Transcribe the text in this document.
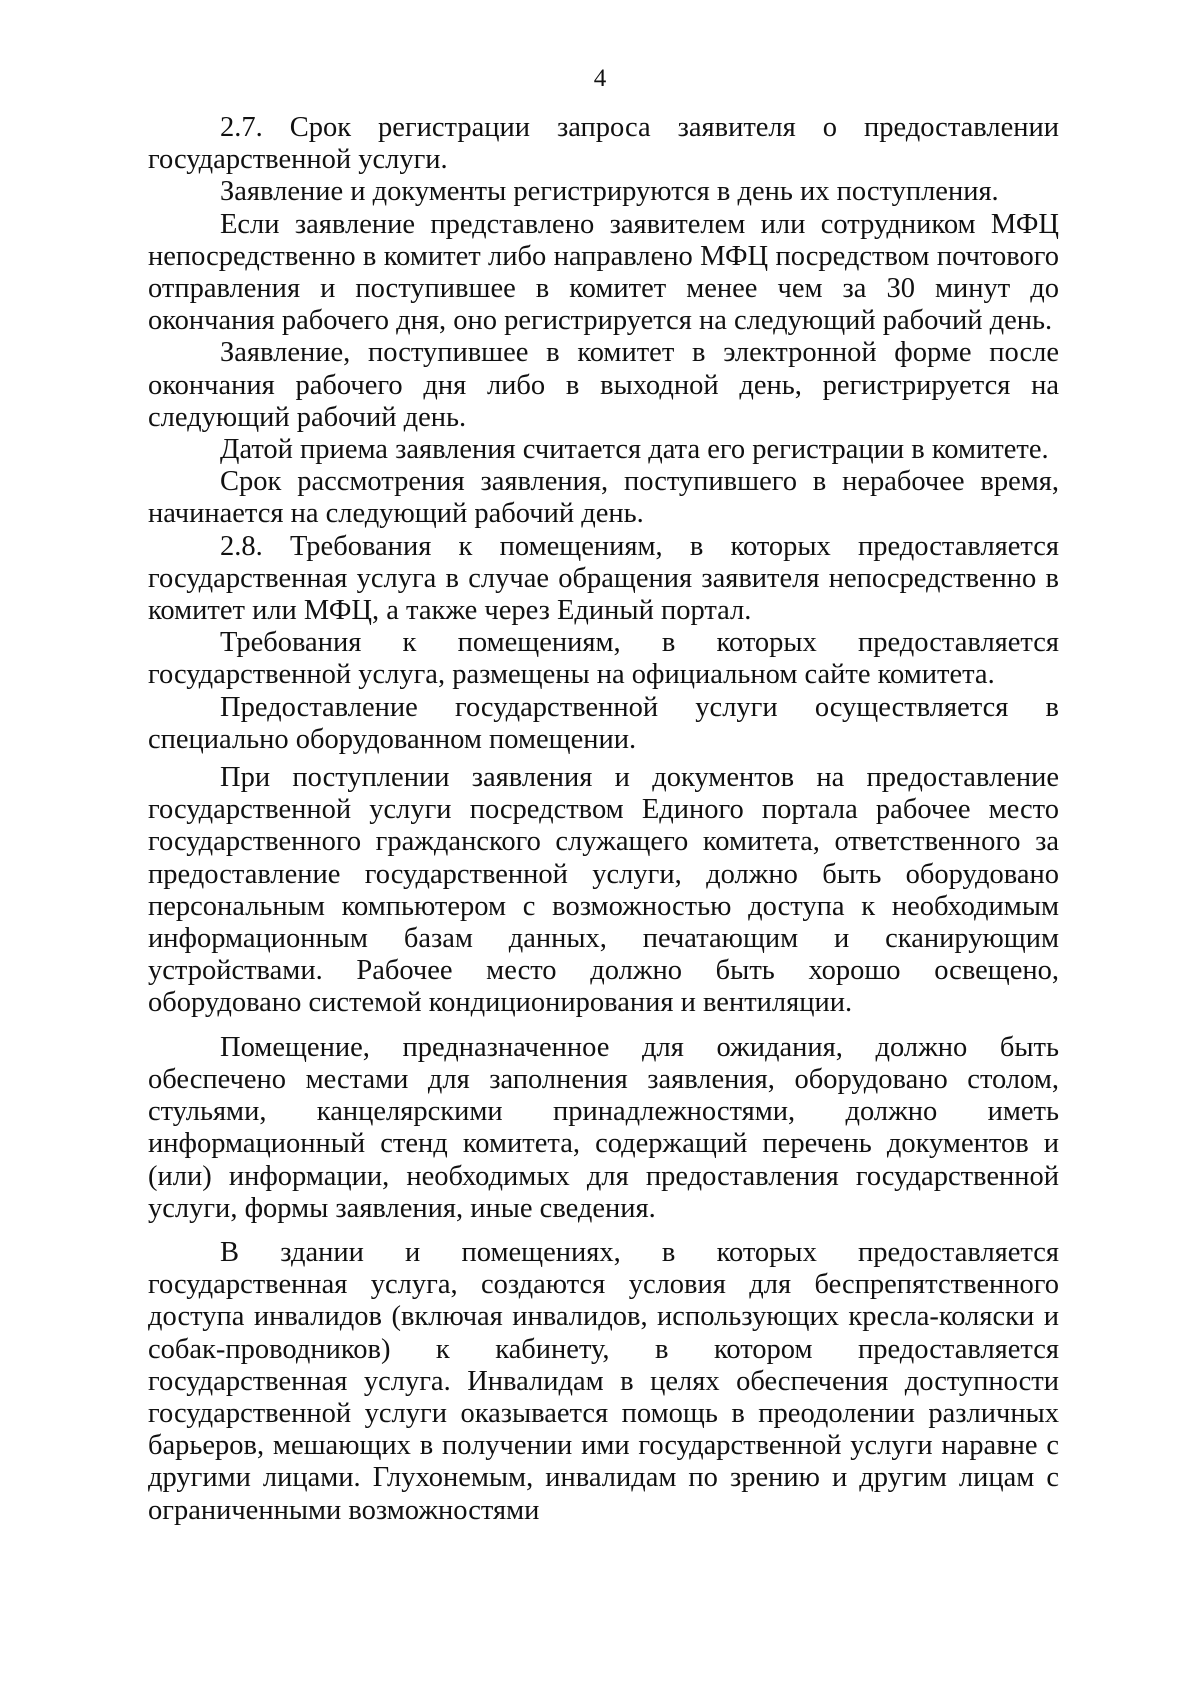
4

2.7. Срок регистрации запроса заявителя о предоставлении государственной услуги.

Заявление и документы регистрируются в день их поступления.

Если заявление представлено заявителем или сотрудником МФЦ непосредственно в комитет либо направлено МФЦ посредством почтового отправления и поступившее в комитет менее чем за 30 минут до окончания рабочего дня, оно регистрируется на следующий рабочий день.

Заявление, поступившее в комитет в электронной форме после окончания рабочего дня либо в выходной день, регистрируется на следующий рабочий день.

Датой приема заявления считается дата его регистрации в комитете.

Срок рассмотрения заявления, поступившего в нерабочее время, начинается на следующий рабочий день.

2.8. Требования к помещениям, в которых предоставляется государственная услуга в случае обращения заявителя непосредственно в комитет или МФЦ, а также через Единый портал.

Требования к помещениям, в которых предоставляется государственной услуга, размещены на официальном сайте комитета.

Предоставление государственной услуги осуществляется в специально оборудованном помещении.

При поступлении заявления и документов на предоставление государственной услуги посредством Единого портала рабочее место государственного гражданского служащего комитета, ответственного за предоставление государственной услуги, должно быть оборудовано персональным компьютером с возможностью доступа к необходимым информационным базам данных, печатающим и сканирующим устройствами. Рабочее место должно быть хорошо освещено, оборудовано системой кондиционирования и вентиляции.

Помещение, предназначенное для ожидания, должно быть обеспечено местами для заполнения заявления, оборудовано столом, стульями, канцелярскими принадлежностями, должно иметь информационный стенд комитета, содержащий перечень документов и (или) информации, необходимых для предоставления государственной услуги, формы заявления, иные сведения.

В здании и помещениях, в которых предоставляется государственная услуга, создаются условия для беспрепятственного доступа инвалидов (включая инвалидов, использующих кресла-коляски и собак-проводников) к кабинету, в котором предоставляется государственная услуга. Инвалидам в целях обеспечения доступности государственной услуги оказывается помощь в преодолении различных барьеров, мешающих в получении ими государственной услуги наравне с другими лицами. Глухонемым, инвалидам по зрению и другим лицам с ограниченными возможностями
